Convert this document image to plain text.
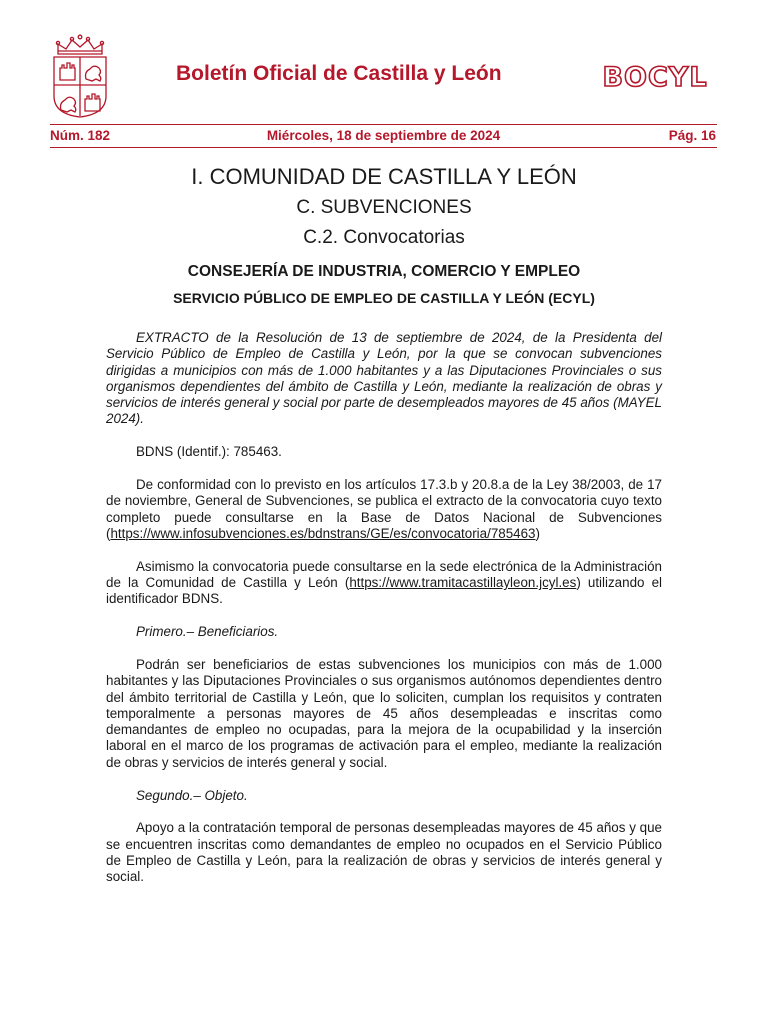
Boletín Oficial de Castilla y León	BOCYL
Núm. 182	Miércoles, 18 de septiembre de 2024	Pág. 16
I. COMUNIDAD DE CASTILLA Y LEÓN
C. SUBVENCIONES
C.2. Convocatorias
CONSEJERÍA DE INDUSTRIA, COMERCIO Y EMPLEO
SERVICIO PÚBLICO DE EMPLEO DE CASTILLA Y LEÓN (ECYL)

EXTRACTO de la Resolución de 13 de septiembre de 2024, de la Presidenta del Servicio Público de Empleo de Castilla y León, por la que se convocan subvenciones dirigidas a municipios con más de 1.000 habitantes y a las Diputaciones Provinciales o sus organismos dependientes del ámbito de Castilla y León, mediante la realización de obras y servicios de interés general y social por parte de desempleados mayores de 45 años (MAYEL 2024).

BDNS (Identif.): 785463.

De conformidad con lo previsto en los artículos 17.3.b y 20.8.a de la Ley 38/2003, de 17 de noviembre, General de Subvenciones, se publica el extracto de la convocatoria cuyo texto completo puede consultarse en la Base de Datos Nacional de Subvenciones (https://www.infosubvenciones.es/bdnstrans/GE/es/convocatoria/785463)

Asimismo la convocatoria puede consultarse en la sede electrónica de la Administración de la Comunidad de Castilla y León (https://www.tramitacastillayleon.jcyl.es) utilizando el identificador BDNS.

Primero.– Beneficiarios.

Podrán ser beneficiarios de estas subvenciones los municipios con más de 1.000 habitantes y las Diputaciones Provinciales o sus organismos autónomos dependientes dentro del ámbito territorial de Castilla y León, que lo soliciten, cumplan los requisitos y contraten temporalmente a personas mayores de 45 años desempleadas e inscritas como demandantes de empleo no ocupadas, para la mejora de la ocupabilidad y la inserción laboral en el marco de los programas de activación para el empleo, mediante la realización de obras y servicios de interés general y social.

Segundo.– Objeto.

Apoyo a la contratación temporal de personas desempleadas mayores de 45 años y que se encuentren inscritas como demandantes de empleo no ocupados en el Servicio Público de Empleo de Castilla y León, para la realización de obras y servicios de interés general y social.
